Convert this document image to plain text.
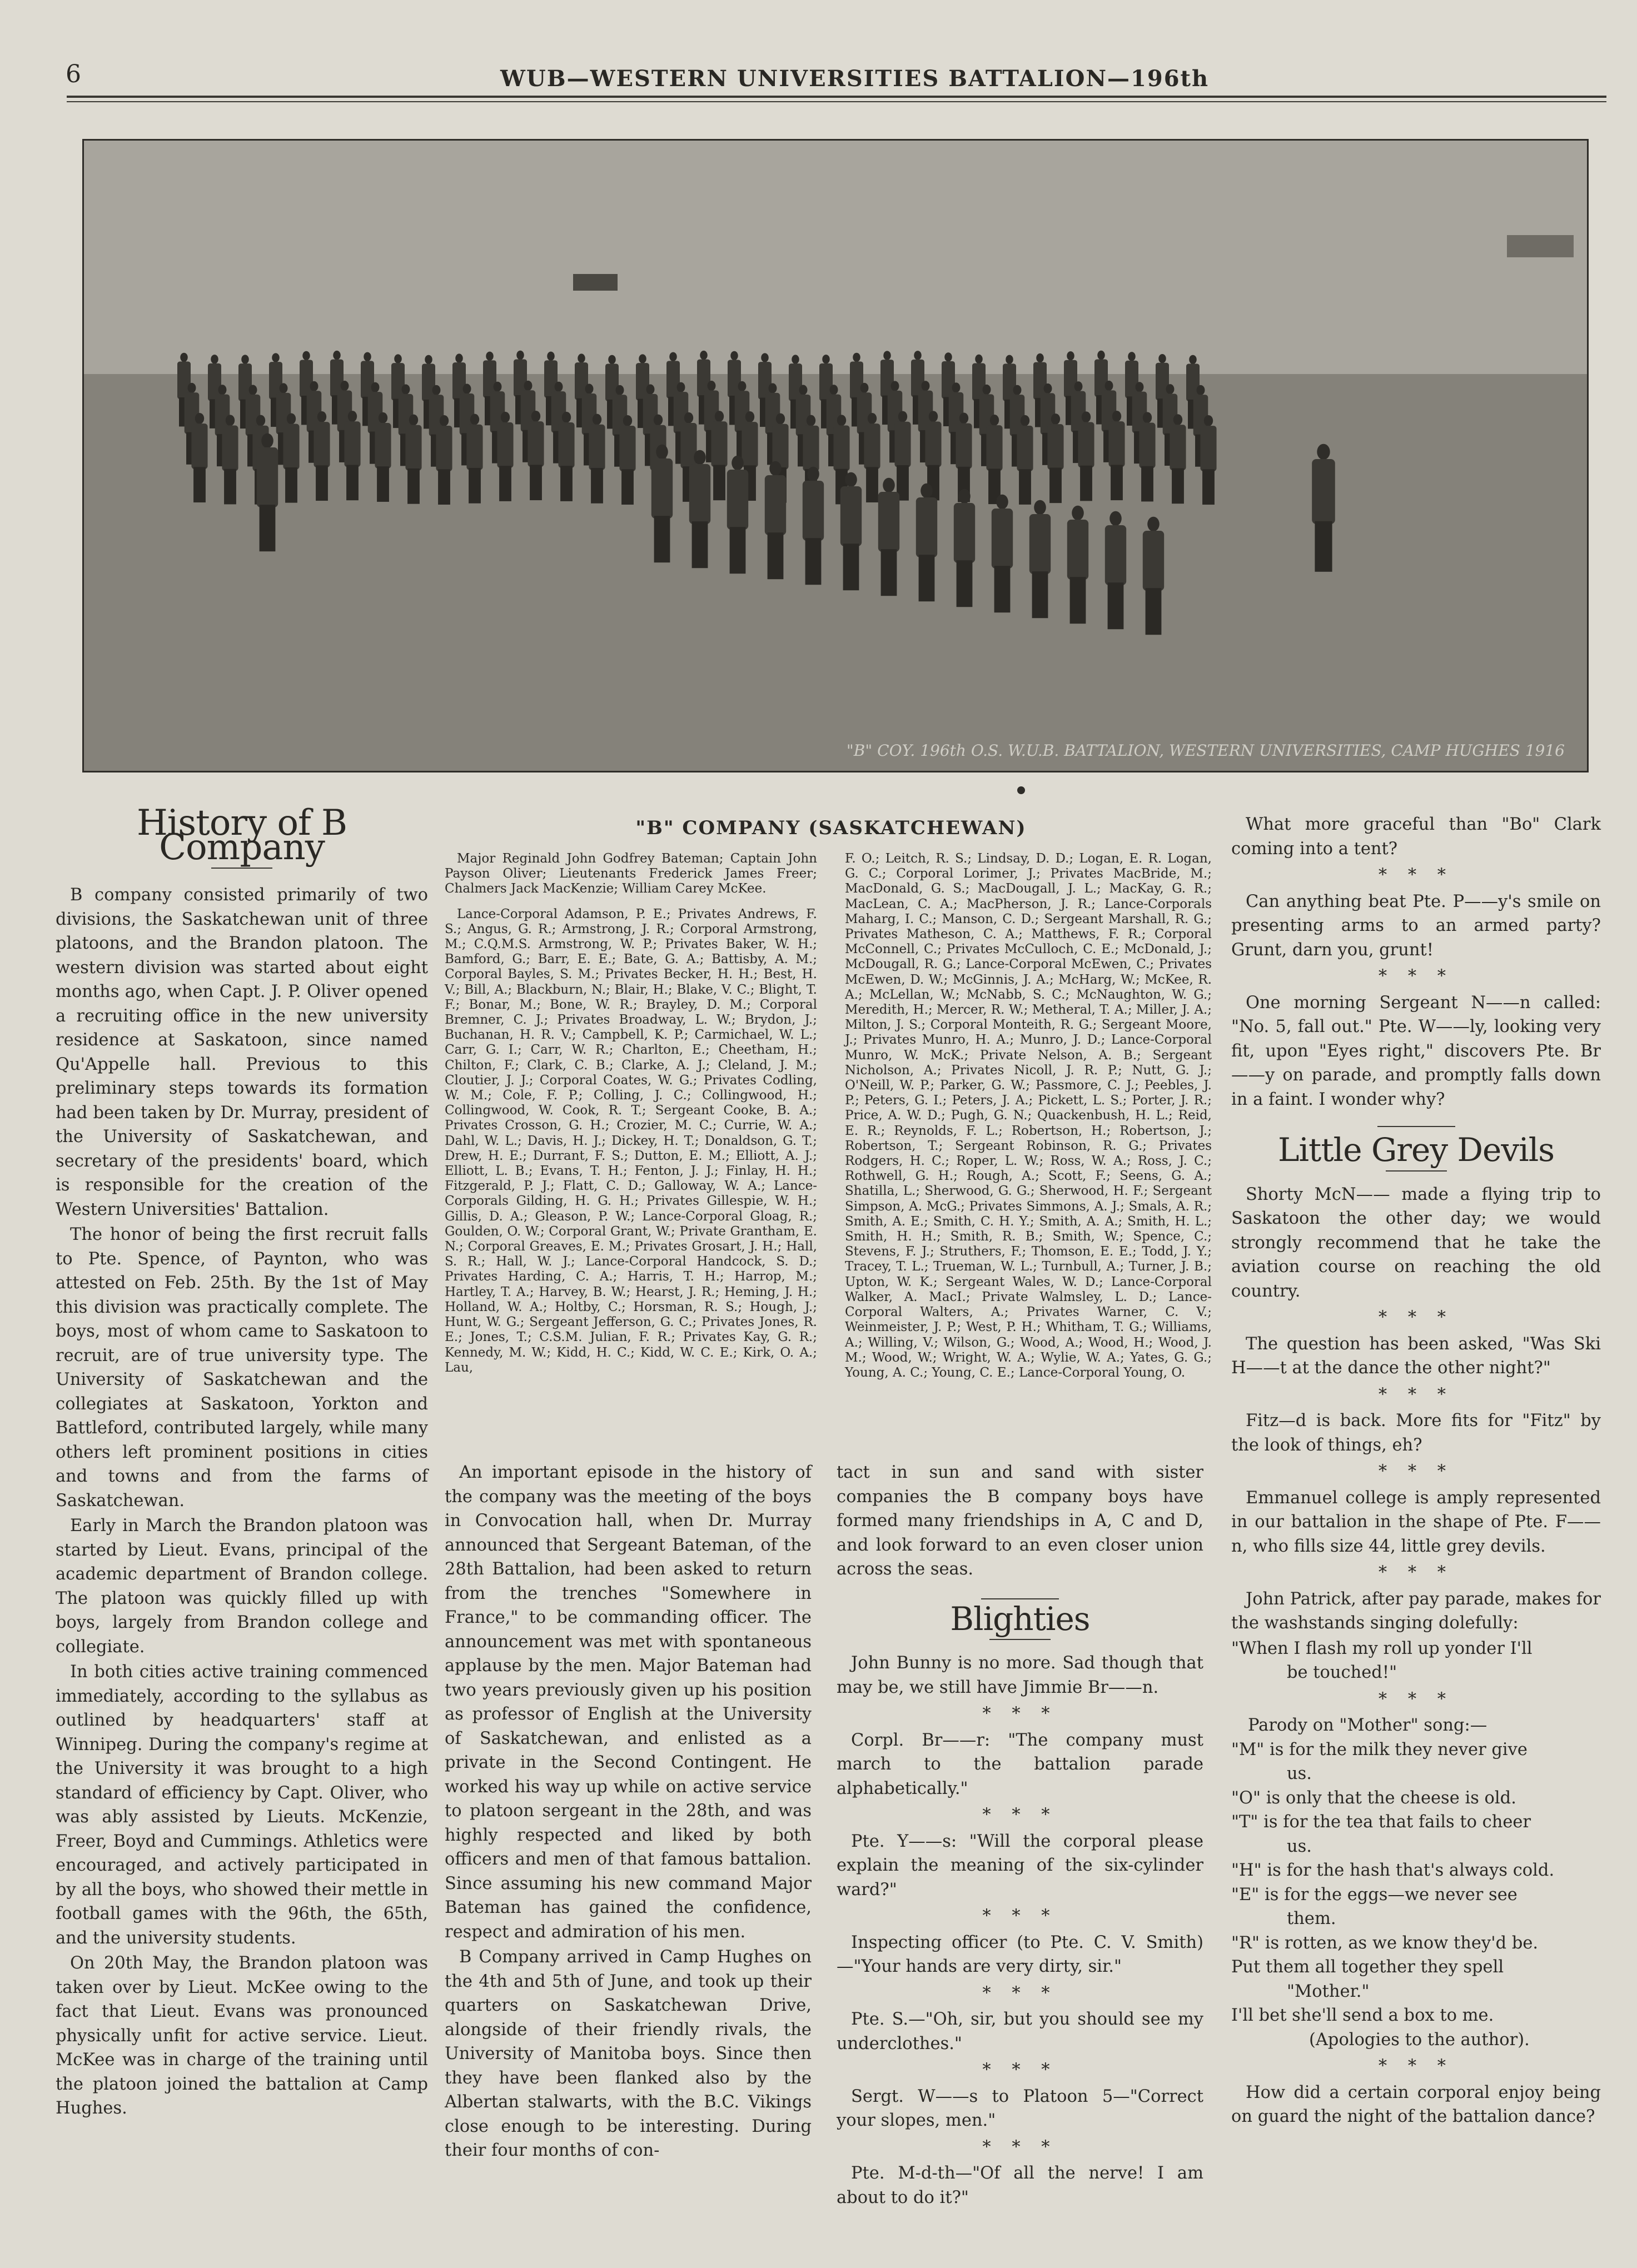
6	WUB—WESTERN UNIVERSITIES BATTALION—196th
"B" COY. 196th O.S. W.U.B. BATTALION, WESTERN UNIVERSITIES, CAMP HUGHES 1916
History of B Company

B company consisted primarily of two divisions, the Saskatchewan unit of three platoons, and the Brandon platoon. The western division was started about eight months ago, when Capt. J. P. Oliver opened a recruiting office in the new university residence at Saskatoon, since named Qu'Appelle hall. Previous to this preliminary steps towards its formation had been taken by Dr. Murray, president of the University of Saskatchewan, and secretary of the presidents' board, which is responsible for the creation of the Western Universities' Battalion.

The honor of being the first recruit falls to Pte. Spence, of Paynton, who was attested on Feb. 25th. By the 1st of May this division was practically complete. The boys, most of whom came to Saskatoon to recruit, are of true university type. The University of Saskatchewan and the collegiates at Saskatoon, Yorkton and Battleford, contributed largely, while many others left prominent positions in cities and towns and from the farms of Saskatchewan.

Early in March the Brandon platoon was started by Lieut. Evans, principal of the academic department of Brandon college. The platoon was quickly filled up with boys, largely from Brandon college and collegiate.

In both cities active training commenced immediately, according to the syllabus as outlined by headquarters' staff at Winnipeg. During the company's regime at the University it was brought to a high standard of efficiency by Capt. Oliver, who was ably assisted by Lieuts. McKenzie, Freer, Boyd and Cummings. Athletics were encouraged, and actively participated in by all the boys, who showed their mettle in football games with the 96th, the 65th, and the university students.

On 20th May, the Brandon platoon was taken over by Lieut. McKee owing to the fact that Lieut. Evans was pronounced physically unfit for active service. Lieut. McKee was in charge of the training until the platoon joined the battalion at Camp Hughes.

"B" COMPANY (SASKATCHEWAN)

Major Reginald John Godfrey Bateman; Captain John Payson Oliver; Lieutenants Frederick James Freer; Chalmers Jack MacKenzie; William Carey McKee.

Lance-Corporal Adamson, P. E.; Privates Andrews, F. S.; Angus, G. R.; Armstrong, J. R.; Corporal Armstrong, M.; C.Q.M.S. Armstrong, W. P.; Privates Baker, W. H.; Bamford, G.; Barr, E. E.; Bate, G. A.; Battisby, A. M.; Corporal Bayles, S. M.; Privates Becker, H. H.; Best, H. V.; Bill, A.; Blackburn, N.; Blair, H.; Blake, V. C.; Blight, T. F.; Bonar, M.; Bone, W. R.; Brayley, D. M.; Corporal Bremner, C. J.; Privates Broadway, L. W.; Brydon, J.; Buchanan, H. R. V.; Campbell, K. P.; Carmichael, W. L.; Carr, G. I.; Carr, W. R.; Charlton, E.; Cheetham, H.; Chilton, F.; Clark, C. B.; Clarke, A. J.; Cleland, J. M.; Cloutier, J. J.; Corporal Coates, W. G.; Privates Codling, W. M.; Cole, F. P.; Colling, J. C.; Collingwood, H.; Collingwood, W. Cook, R. T.; Sergeant Cooke, B. A.; Privates Crosson, G. H.; Crozier, M. C.; Currie, W. A.; Dahl, W. L.; Davis, H. J.; Dickey, H. T.; Donaldson, G. T.; Drew, H. E.; Durrant, F. S.; Dutton, E. M.; Elliott, A. J.; Elliott, L. B.; Evans, T. H.; Fenton, J. J.; Finlay, H. H.; Fitzgerald, P. J.; Flatt, C. D.; Galloway, W. A.; Lance-Corporals Gilding, H. G. H.; Privates Gillespie, W. H.; Gillis, D. A.; Gleason, P. W.; Lance-Corporal Gloag, R.; Goulden, O. W.; Corporal Grant, W.; Private Grantham, E. N.; Corporal Greaves, E. M.; Privates Grosart, J. H.; Hall, S. R.; Hall, W. J.; Lance-Corporal Handcock, S. D.; Privates Harding, C. A.; Harris, T. H.; Harrop, M.; Hartley, T. A.; Harvey, B. W.; Hearst, J. R.; Heming, J. H.; Holland, W. A.; Holtby, C.; Horsman, R. S.; Hough, J.; Hunt, W. G.; Sergeant Jefferson, G. C.; Privates Jones, R. E.; Jones, T.; C.S.M. Julian, F. R.; Privates Kay, G. R.; Kennedy, M. W.; Kidd, H. C.; Kidd, W. C. E.; Kirk, O. A.; Lau,

F. O.; Leitch, R. S.; Lindsay, D. D.; Logan, E. R. Logan, G. C.; Corporal Lorimer, J.; Privates MacBride, M.; MacDonald, G. S.; MacDougall, J. L.; MacKay, G. R.; MacLean, C. A.; MacPherson, J. R.; Lance-Corporals Maharg, I. C.; Manson, C. D.; Sergeant Marshall, R. G.; Privates Matheson, C. A.; Matthews, F. R.; Corporal McConnell, C.; Privates McCulloch, C. E.; McDonald, J.; McDougall, R. G.; Lance-Corporal McEwen, C.; Privates McEwen, D. W.; McGinnis, J. A.; McHarg, W.; McKee, R. A.; McLellan, W.; McNabb, S. C.; McNaughton, W. G.; Meredith, H.; Mercer, R. W.; Metheral, T. A.; Miller, J. A.; Milton, J. S.; Corporal Monteith, R. G.; Sergeant Moore, J.; Privates Munro, H. A.; Munro, J. D.; Lance-Corporal Munro, W. McK.; Private Nelson, A. B.; Sergeant Nicholson, A.; Privates Nicoll, J. R. P.; Nutt, G. J.; O'Neill, W. P.; Parker, G. W.; Passmore, C. J.; Peebles, J. P.; Peters, G. I.; Peters, J. A.; Pickett, L. S.; Porter, J. R.; Price, A. W. D.; Pugh, G. N.; Quackenbush, H. L.; Reid, E. R.; Reynolds, F. L.; Robertson, H.; Robertson, J.; Robertson, T.; Sergeant Robinson, R. G.; Privates Rodgers, H. C.; Roper, L. W.; Ross, W. A.; Ross, J. C.; Rothwell, G. H.; Rough, A.; Scott, F.; Seens, G. A.; Shatilla, L.; Sherwood, G. G.; Sherwood, H. F.; Sergeant Simpson, A. McG.; Privates Simmons, A. J.; Smals, A. R.; Smith, A. E.; Smith, C. H. Y.; Smith, A. A.; Smith, H. L.; Smith, H. H.; Smith, R. B.; Smith, W.; Spence, C.; Stevens, F. J.; Struthers, F.; Thomson, E. E.; Todd, J. Y.; Tracey, T. L.; Trueman, W. L.; Turnbull, A.; Turner, J. B.; Upton, W. K.; Sergeant Wales, W. D.; Lance-Corporal Walker, A. MacI.; Private Walmsley, L. D.; Lance-Corporal Walters, A.; Privates Warner, C. V.; Weinmeister, J. P.; West, P. H.; Whitham, T. G.; Williams, A.; Willing, V.; Wilson, G.; Wood, A.; Wood, H.; Wood, J. M.; Wood, W.; Wright, W. A.; Wylie, W. A.; Yates, G. G.; Young, A. C.; Young, C. E.; Lance-Corporal Young, O.

An important episode in the history of the company was the meeting of the boys in Convocation hall, when Dr. Murray announced that Sergeant Bateman, of the 28th Battalion, had been asked to return from the trenches "Somewhere in France," to be commanding officer. The announcement was met with spontaneous applause by the men. Major Bateman had two years previously given up his position as professor of English at the University of Saskatchewan, and enlisted as a private in the Second Contingent. He worked his way up while on active service to platoon sergeant in the 28th, and was highly respected and liked by both officers and men of that famous battalion. Since assuming his new command Major Bateman has gained the confidence, respect and admiration of his men.

B Company arrived in Camp Hughes on the 4th and 5th of June, and took up their quarters on Saskatchewan Drive, alongside of their friendly rivals, the University of Manitoba boys. Since then they have been flanked also by the Albertan stalwarts, with the B.C. Vikings close enough to be interesting. During their four months of con-

tact in sun and sand with sister companies the B company boys have formed many friendships in A, C and D, and look forward to an even closer union across the seas.

Blighties

John Bunny is no more. Sad though that may be, we still have Jimmie Br——n.

* * *

Corpl. Br——r: "The company must march to the battalion parade alphabetically."

* * *

Pte. Y——s: "Will the corporal please explain the meaning of the six-cylinder ward?"

* * *

Inspecting officer (to Pte. C. V. Smith)—"Your hands are very dirty, sir."

* * *

Pte. S.—"Oh, sir, but you should see my underclothes."

* * *

Sergt. W——s to Platoon 5—"Correct your slopes, men."

* * *

Pte. M-d-th—"Of all the nerve! I am about to do it?"

What more graceful than "Bo" Clark coming into a tent?

* * *

Can anything beat Pte. P——y's smile on presenting arms to an armed party? Grunt, darn you, grunt!

* * *

One morning Sergeant N——n called: "No. 5, fall out." Pte. W——ly, looking very fit, upon "Eyes right," discovers Pte. Br——y on parade, and promptly falls down in a faint. I wonder why?

Little Grey Devils

Shorty McN—— made a flying trip to Saskatoon the other day; we would strongly recommend that he take the aviation course on reaching the old country.

* * *

The question has been asked, "Was Ski H——t at the dance the other night?"

* * *

Fitz—d is back. More fits for "Fitz" by the look of things, eh?

* * *

Emmanuel college is amply represented in our battalion in the shape of Pte. F——n, who fills size 44, little grey devils.

* * *

John Patrick, after pay parade, makes for the washstands singing dolefully:

"When I flash my roll up yonder I'll

be touched!"

* * *

Parody on "Mother" song:—

"M" is for the milk they never give

us.

"O" is only that the cheese is old.

"T" is for the tea that fails to cheer

us.

"H" is for the hash that's always cold.

"E" is for the eggs—we never see

them.

"R" is rotten, as we know they'd be.

Put them all together they spell

"Mother."

I'll bet she'll send a box to me.

(Apologies to the author).

* * *

How did a certain corporal enjoy being on guard the night of the battalion dance?
